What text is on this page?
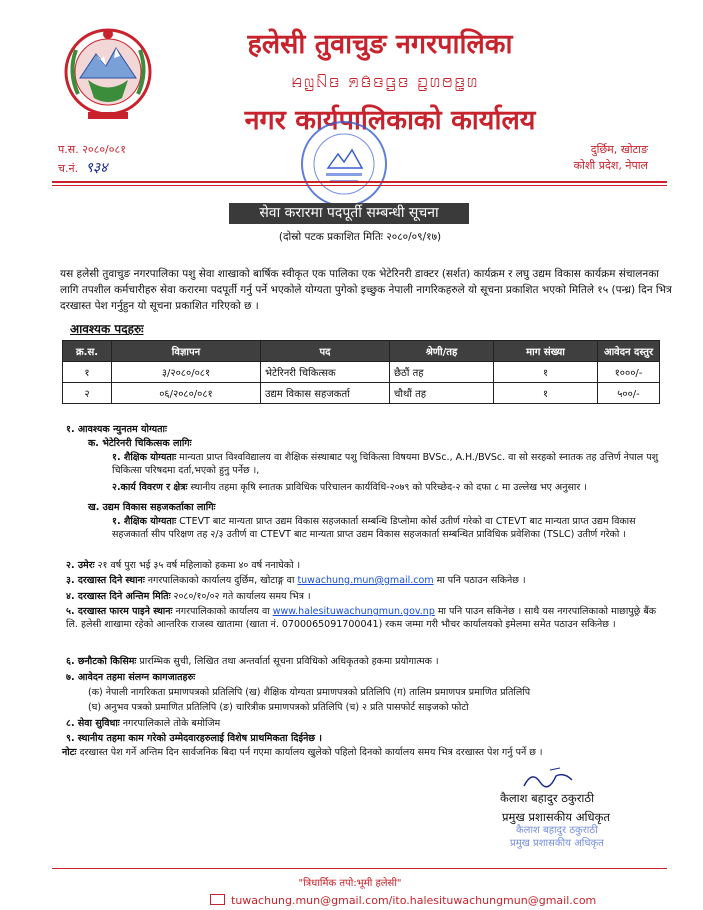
हलेसी तुवाचुङ नगरपालिका
ꤌꤜꤡꤢ ꤎꤢꤨꤢꤞꤢ ꤑꤛꤥꤢ꤭ꤛ
नगर कार्यपालिकाको कार्यालय
प.स. २०८०/०८१
च.नं. ९३४
दुर्छिम, खोटाङ
कोशी प्रदेश, नेपाल
सेवा करारमा पदपूर्ती सम्बन्धी सूचना
(दोस्रो पटक प्रकाशित मितिः २०८०/०९/१७)
यस हलेसी तुवाचुङ नगरपालिका पशु सेवा शाखाको बार्षिक स्वीकृत एक पालिका एक भेटेरिनरी डाक्टर (सर्शत) कार्यक्रम र लघु उद्यम विकास कार्यक्रम संचालनका लागि तपशील कर्मचारीहरु सेवा करारमा पदपूर्ती गर्नु पर्ने भएकोले योग्यता पुगेको इच्छुक नेपाली नागरिकहरुले यो सूचना प्रकाशित भएको मितिले १५ (पन्ध्र) दिन भित्र दरखास्त पेश गर्नुहुन यो सूचना प्रकाशित गरिएको छ ।
आवश्यक पदहरुः
क्र.स.	विज्ञापन	पद	श्रेणी/तह	माग संख्या	आवेदन दस्तुर
१	३/२०८०/०८१	भेटेरिनरी चिकित्सक	छैठौं तह	१	१०००/-
२	०६/२०८०/०८१	उद्यम विकास सहजकर्ता	चौथौं तह	१	५००/-
१. आवश्यक न्युनतम योग्यताः
क. भेटेरिनरी चिकित्सक लागिः
१. शैक्षिक योग्यताः मान्यता प्राप्त विश्वविद्यालय वा शैक्षिक संस्थाबाट पशु चिकित्सा विषयमा BVSc., A.H./BVSc. वा सो सरहको स्नातक तह उत्तिर्ण नेपाल पशु चिकित्सा परिषदमा दर्ता,भएको हुनु पर्नेछ ।,
२.कार्य विवरण र क्षेत्रः स्थानीय तहमा कृषि स्नातक प्राविधिक परिचालन कार्यविधि-२०७९ को परिच्छेद-२ को दफा ८ मा उल्लेख भए अनुसार ।
ख. उद्यम विकास सहजकर्ताका लागिः
१. शैक्षिक योग्यताः CTEVT बाट मान्यता प्राप्त उद्यम विकास सहजकार्ता सम्बन्धि डिप्लोमा कोर्स उतीर्ण गरेको वा CTEVT बाट मान्यता प्राप्त उद्यम विकास सहजकार्ता सीप परिक्षण तह २/३ उतीर्ण वा CTEVT बाट मान्यता प्राप्त उद्यम विकास सहजकार्ता सम्बन्धित प्राविधिक प्रवेशिका (TSLC) उतीर्ण गरेको ।
२. उमेरः २१ वर्ष पुरा भई ३५ वर्ष महिलाको हकमा ४० वर्ष ननाघेको ।
३. दरखास्त दिने स्थानः नगरपालिकाको कार्यालय दुर्छिम, खोटाङ्ग वा tuwachung.mun@gmail.com मा पनि पठाउन सकिनेछ ।
४. दरखास्त दिने अन्तिम मितिः २०८०/१०/०२ गते कार्यालय समय भित्र ।
५. दरखास्त फारम पाइने स्थानः नगरपालिकाको कार्यालय वा www.halesituwachungmun.gov.np मा पनि पाउन सकिनेछ । साथै यस नगरपालिकाको माछापुछ्रे बैंक लि. हलेसी शाखामा रहेको आन्तरिक राजस्व खातामा (खाता नं. 0700065091700041) रकम जम्मा गरी भौचर कार्यालयको इमेलमा समेत पठाउन सकिनेछ ।
६. छनौटको किसिमः प्रारम्भिक सुची, लिखित तथा अन्तर्वार्ता सूचना प्रविधिको अधिकृतको हकमा प्रयोगात्मक ।
७. आवेदन तहमा संलग्न कागजातहरुः
(क) नेपाली नागरिकता प्रमाणपत्रको प्रतिलिपि (ख) शैक्षिक योग्यता प्रमाणपत्रको प्रतिलिपि (ग) तालिम प्रमाणपत्र प्रमाणित प्रतिलिपि
(घ) अनुभव पत्रको प्रमाणित प्रतिलिपि (ङ) चारित्रीक प्रमाणपत्रको प्रतिलिपि (च) २ प्रति पासफोर्ट साइजको फोटो
८. सेवा सुविधाः नगरपालिकाले तोके बमोजिम
९. स्थानीय तहमा काम गरेको उम्मेदवारहरुलाई विशेष प्राथमिकता दिईनेछ ।
नोटः दरखास्त पेश गर्ने अन्तिम दिन सार्वजनिक बिदा पर्न गएमा कार्यालय खुलेको पहिलो दिनको कार्यालय समय भित्र दरखास्त पेश गर्नु पर्ने छ ।
कैलाश बहादुर ठकुराठी
प्रमुख प्रशासकीय अधिकृत
कैलाश बहादुर ठकुराठी
प्रमुख प्रशासकीय अधिकृत
"त्रिधार्मिक तपो:भूमी हलेसी"
tuwachung.mun@gmail.com/ito.halesituwachungmun@gmail.com
